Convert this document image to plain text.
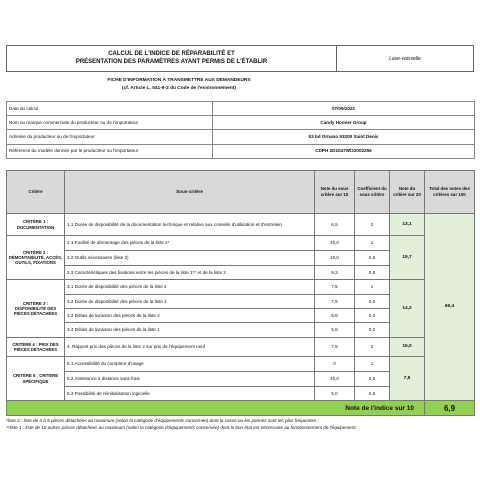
CALCUL DE L'INDICE DE RÉPARABILITÉ ET
PRÉSENTATION DES PARAMÈTRES AYANT PERMIS DE L'ÉTABLIR	Lave-vaisselle
FICHE D'INFORMATION À TRANSMETTRE AUX DEMANDEURS
(cf. Article L. 541-9-2 du Code de l'environnement)
Date du calcul	07/09/2022
Nom ou marque commerciale du producteur ou de l'importateur	Candy Hoover Group
Adresse du producteur ou de l'importateur	53 bd Ornano 93200 Saint Denis
Référence du modèle donnée par le producteur ou l'importateur	CDPH 2D1047W/32002256
Critère	Sous-critère	Note du sous critère sur 10	Coefficient du sous critère	Note du critère sur 20	Total des notes des critères sur 100
CRITÈRE 1 : DOCUMENTATION	1.1 Durée de disponibilité de la documentation technique et relative aux conseils d'utilisation et d'entretien	6,5	2	13,1	69,4
CRITÈRE 2 : DÉMONTABILITÉ, ACCÈS, OUTILS, FIXATIONS	2.1 Facilité de démontage des pièces de la liste 2*	10,0	1	19,7	
	2.2 Outils nécessaires (liste 2)	10,0	0,5		
	2.3 Caractéristiques des fixations entre les pièces de la liste 1** et de la liste 2	9,3	0,5		
CRITÈRE 3 : DISPONIBILITÉ DES PIÈCES DÉTACHÉES	3.1 Durée de disponibilité des pièces de la liste 2	7,5	1	14,2	
	3.2 Durée de disponibilité des pièces de la liste 1	7,5	0,5		
	3.3 Délais de livraison des pièces de la liste 2	5,8	0,3		
	3.4 Délais de livraison des pièces de la liste 1	5,8	0,2		
CRITÈRE 4 : PRIX DES PIÈCES DÉTACHÉES	4. Rapport prix des pièces de la liste 2 sur prix de l'équipement neuf	7,5	2	15,0	
CRITÈRE 5 : CRITÈRE SPÉCIFIQUE	5.1 Accessibilité du compteur d'usage	0	1	7,5	
	5.2 Assistance à distance sans frais	10,0	0,5		
	5.3 Possibilité de réinitialisation logicielle	5,0	0,5		
Note de l'indice sur 10					6,9
*liste 2 : liste de 3 à 5 pièces détachées au maximum (selon la catégorie d'équipements concernée) dont la casse ou les pannes sont les plus fréquentes ;
**liste 1 : liste de 10 autres pièces détachées au maximum (selon la catégorie d'équipements concernée) dont le bon état est nécessaire au fonctionnement de l'équipement.
